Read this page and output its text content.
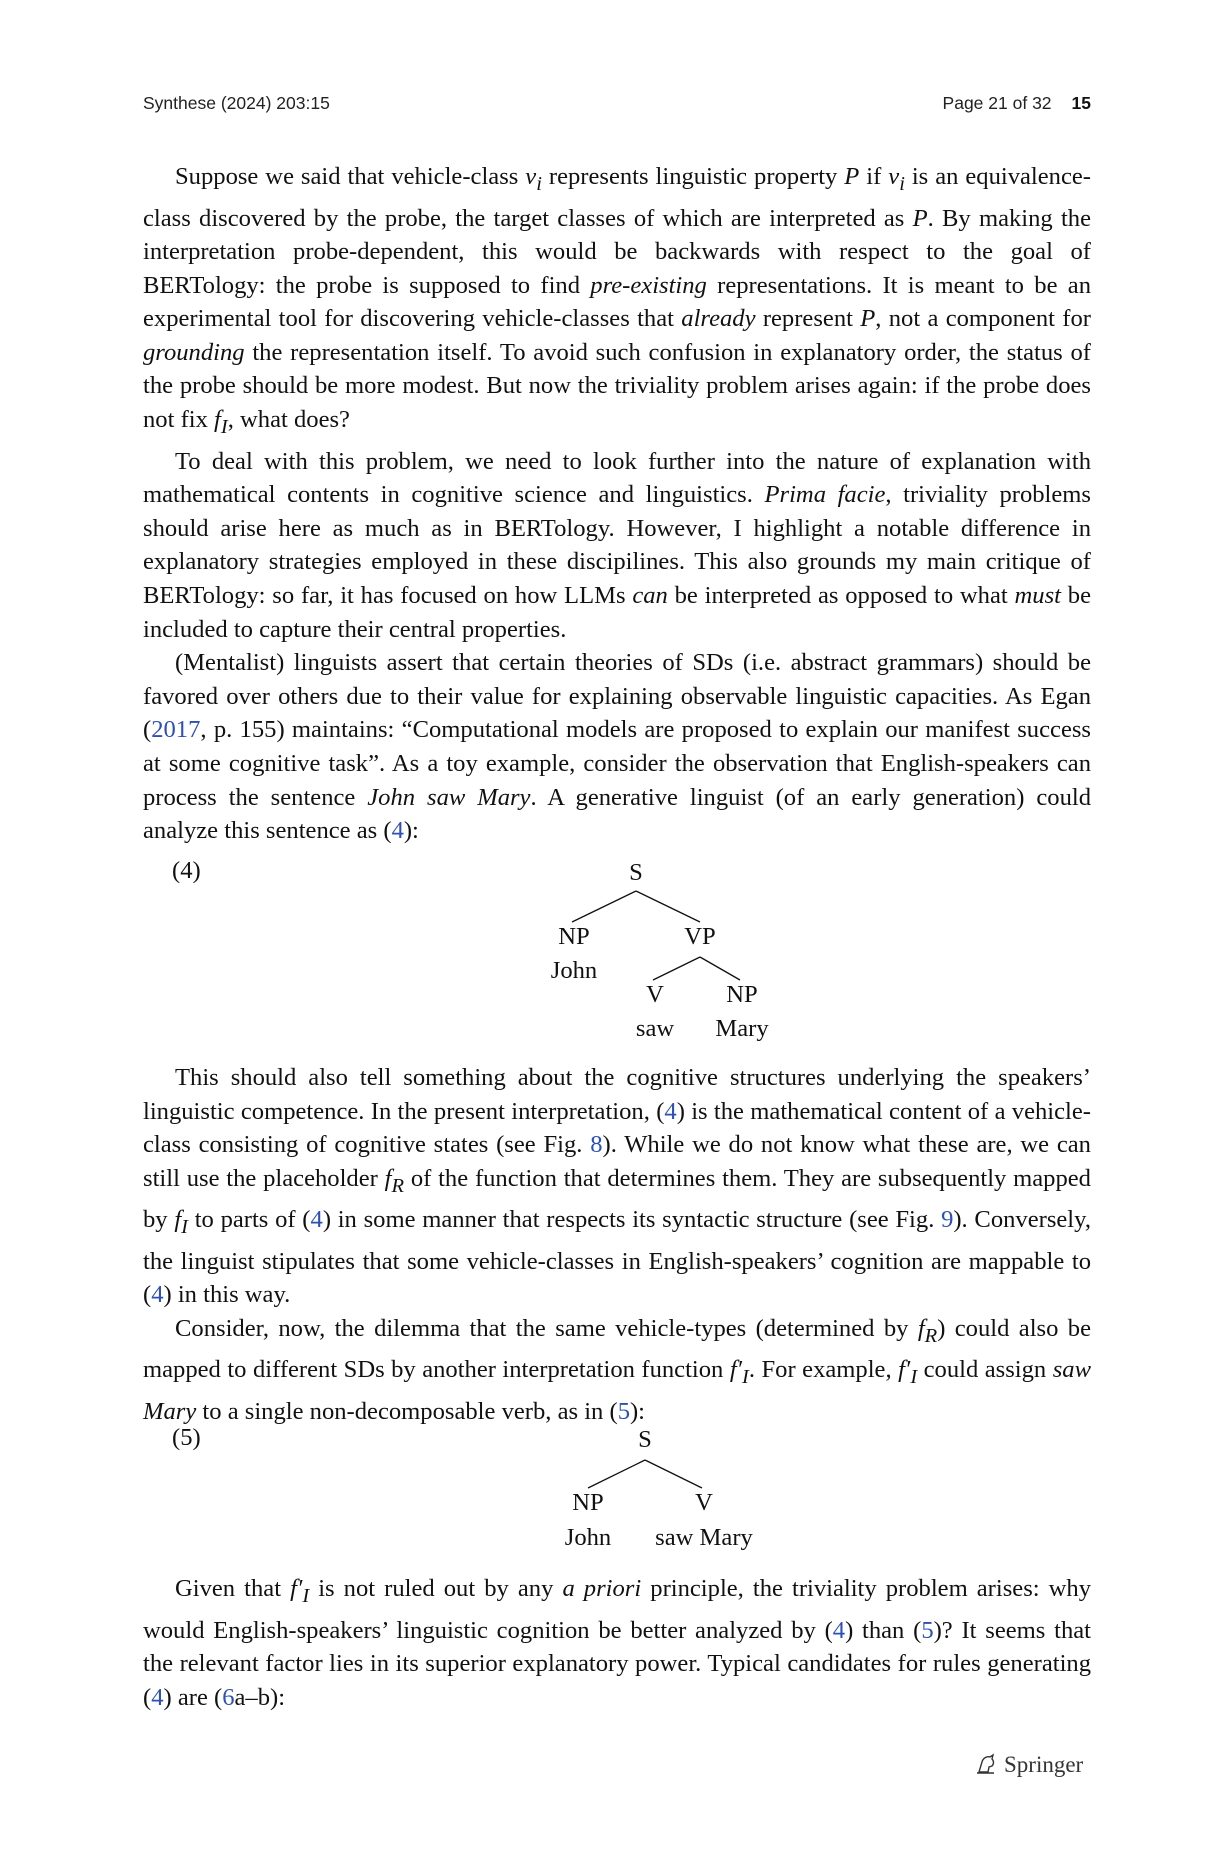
Synthese (2024) 203:15	Page 21 of 32 15

Suppose we said that vehicle-class $v_i$ represents linguistic property P if $v_i$ is an equivalence-class discovered by the probe, the target classes of which are interpreted as P. By making the interpretation probe-dependent, this would be backwards with respect to the goal of BERTology: the probe is supposed to find pre-existing representations. It is meant to be an experimental tool for discovering vehicle-classes that already represent P, not a component for grounding the representation itself. To avoid such confusion in explanatory order, the status of the probe should be more modest. But now the triviality problem arises again: if the probe does not fix $f_I$, what does?

To deal with this problem, we need to look further into the nature of explanation with mathematical contents in cognitive science and linguistics. Prima facie, triviality problems should arise here as much as in BERTology. However, I highlight a notable difference in explanatory strategies employed in these discipilines. This also grounds my main critique of BERTology: so far, it has focused on how LLMs can be interpreted as opposed to what must be included to capture their central properties.

(Mentalist) linguists assert that certain theories of SDs (i.e. abstract grammars) should be favored over others due to their value for explaining observable linguistic capacities. As Egan (2017, p. 155) maintains: “Computational models are proposed to explain our manifest success at some cognitive task”. As a toy example, consider the observation that English-speakers can process the sentence John saw Mary. A generative linguist (of an early generation) could analyze this sentence as (4):

(4)	S
NP	VP
John
V	NP
saw Mary
S
NP	V
John saw Mary

This should also tell something about the cognitive structures underlying the speakers’ linguistic competence. In the present interpretation, (4) is the mathematical content of a vehicle-class consisting of cognitive states (see Fig. 8). While we do not know what these are, we can still use the placeholder $f_R$ of the function that determines them. They are subsequently mapped by $f_I$ to parts of (4) in some manner that respects its syntactic structure (see Fig. 9). Conversely, the linguist stipulates that some vehicle-classes in English-speakers’ cognition are mappable to (4) in this way.

Consider, now, the dilemma that the same vehicle-types (determined by $f_R$) could also be mapped to different SDs by another interpretation function $f'_I$. For example, $f'_I$ could assign saw Mary to a single non-decomposable verb, as in (5):

(5)

Given that $f'_I$ is not ruled out by any a priori principle, the triviality problem arises: why would English-speakers’ linguistic cognition be better analyzed by (4) than (5)? It seems that the relevant factor lies in its superior explanatory power. Typical candidates for rules generating (4) are (6a–b):

Springer
